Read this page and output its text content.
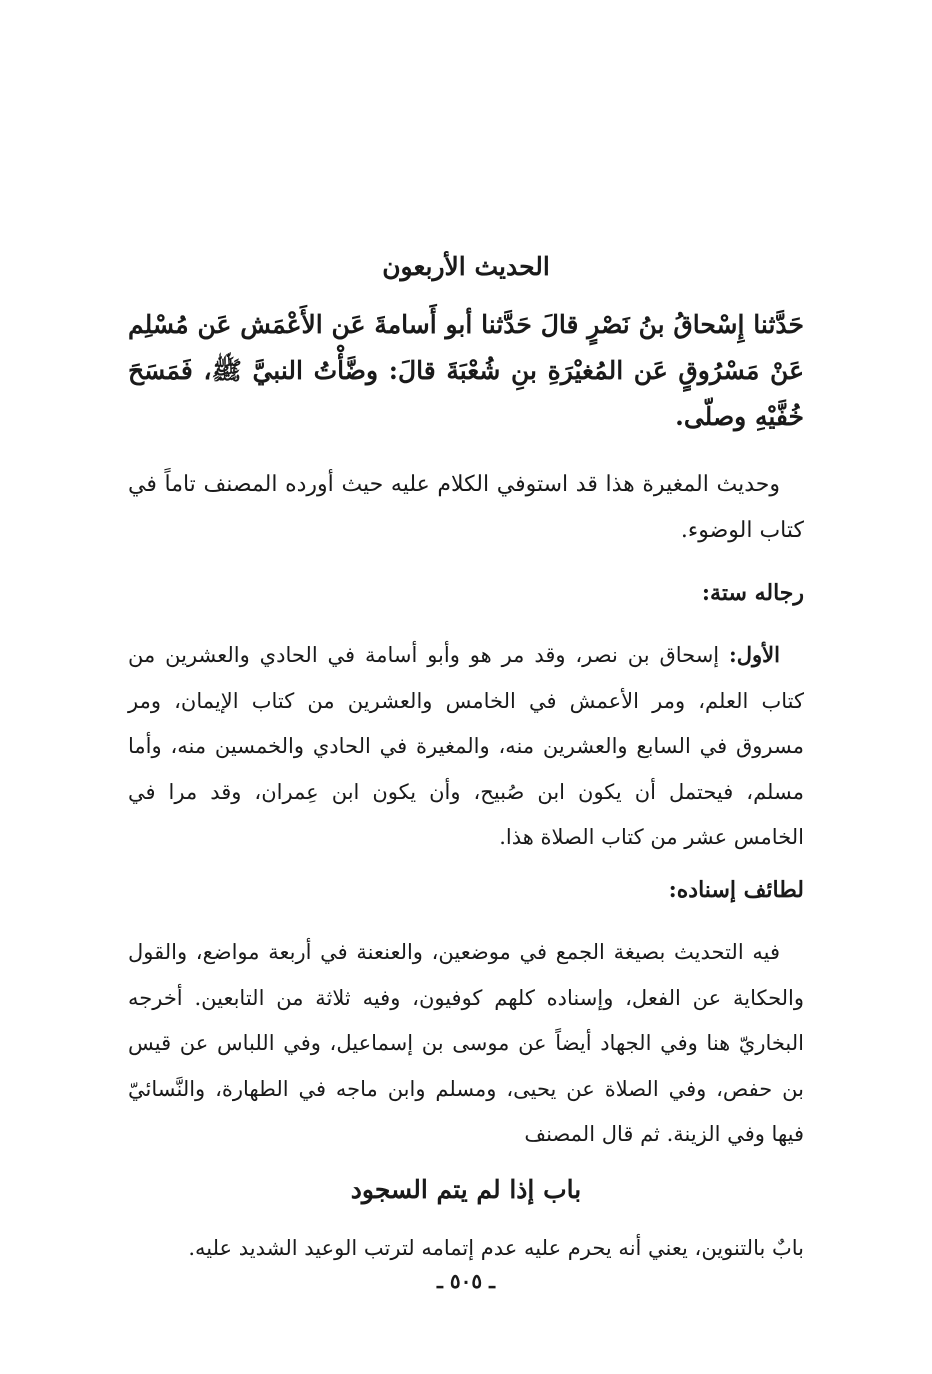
الحديث الأربعون
حَدَّثنا إِسْحاقُ بنُ نَصْرٍ قالَ حَدَّثنا أبو أَسامةَ عَن الأَعْمَش عَن مُسْلِم عَنْ مَسْرُوقٍ عَن المُغيْرَةِ بنِ شُعْبَةَ قالَ: وضَّأْتُ النبيَّ ﷺ، فَمَسَحَ خُفَّيْهِ وصلّى.
وحديث المغيرة هذا قد استوفي الكلام عليه حيث أورده المصنف تاماً في كتاب الوضوء.
رجاله ستة:
الأول: إسحاق بن نصر، وقد مر هو وأبو أسامة في الحادي والعشرين من كتاب العلم، ومر الأعمش في الخامس والعشرين من كتاب الإيمان، ومر مسروق في السابع والعشرين منه، والمغيرة في الحادي والخمسين منه، وأما مسلم، فيحتمل أن يكون ابن صُبيح، وأن يكون ابن عِمران، وقد مرا في الخامس عشر من كتاب الصلاة هذا.
لطائف إسناده:
فيه التحديث بصيغة الجمع في موضعين، والعنعنة في أربعة مواضع، والقول والحكاية عن الفعل، وإسناده كلهم كوفيون، وفيه ثلاثة من التابعين. أخرجه البخاريّ هنا وفي الجهاد أيضاً عن موسى بن إسماعيل، وفي اللباس عن قيس بن حفص، وفي الصلاة عن يحيى، ومسلم وابن ماجه في الطهارة، والنَّسائيّ فيها وفي الزينة. ثم قال المصنف
باب إذا لم يتم السجود
بابٌ بالتنوين، يعني أنه يحرم عليه عدم إتمامه لترتب الوعيد الشديد عليه.
ـ ٥٠٥ ـ
